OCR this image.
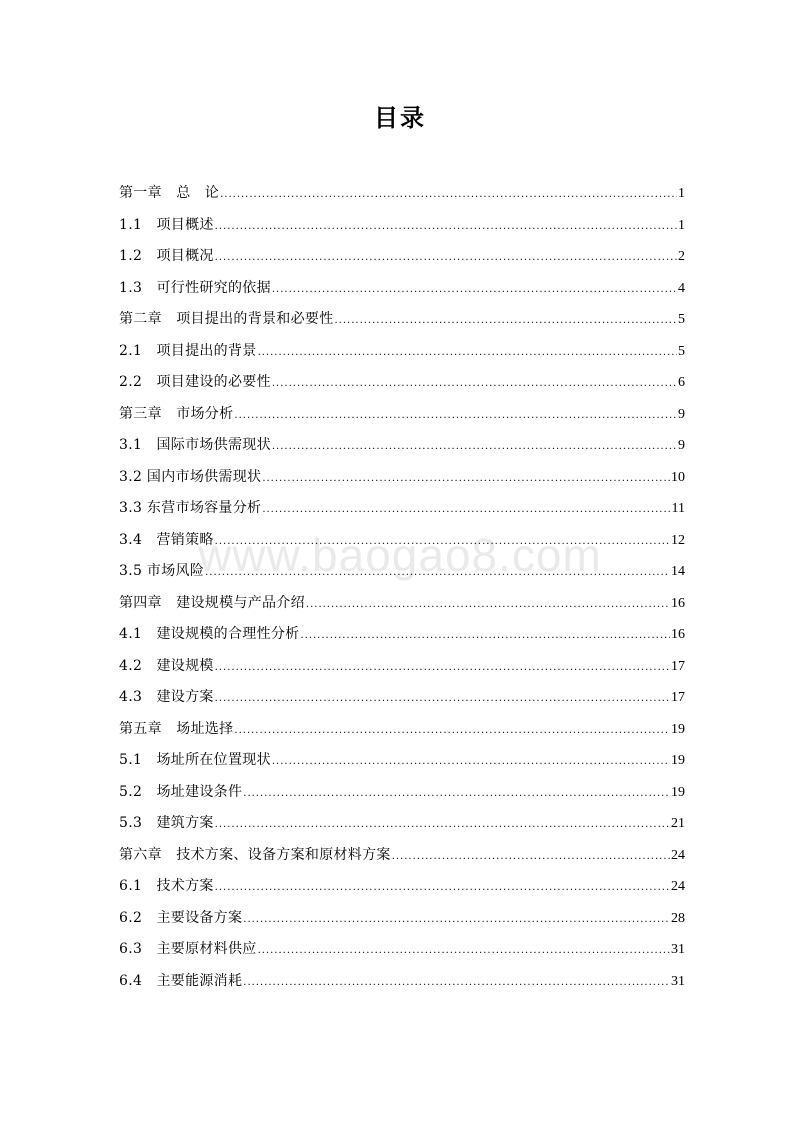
目录
www.baogao8.com
第一章　总　论 .....	1
1.1　项目概述 .....	1
1.2　项目概况 .....	2
1.3　可行性研究的依据 .....	4
第二章　项目提出的背景和必要性 .....	5
2.1　项目提出的背景 .....	5
2.2　项目建设的必要性 .....	6
第三章　市场分析 .....	9
3.1　国际市场供需现状 .....	9
3.2 国内市场供需现状 .....	10
3.3 东营市场容量分析 .....	11
3.4　营销策略 .....	12
3.5 市场风险 .....	14
第四章　建设规模与产品介绍 .....	16
4.1　建设规模的合理性分析 .....	16
4.2　建设规模 .....	17
4.3　建设方案 .....	17
第五章　场址选择 .....	19
5.1　场址所在位置现状 .....	19
5.2　场址建设条件 .....	19
5.3　建筑方案 .....	21
第六章　技术方案、设备方案和原材料方案 .....	24
6.1　技术方案 .....	24
6.2　主要设备方案 .....	28
6.3　主要原材料供应 .....	31
6.4　主要能源消耗 .....	31
